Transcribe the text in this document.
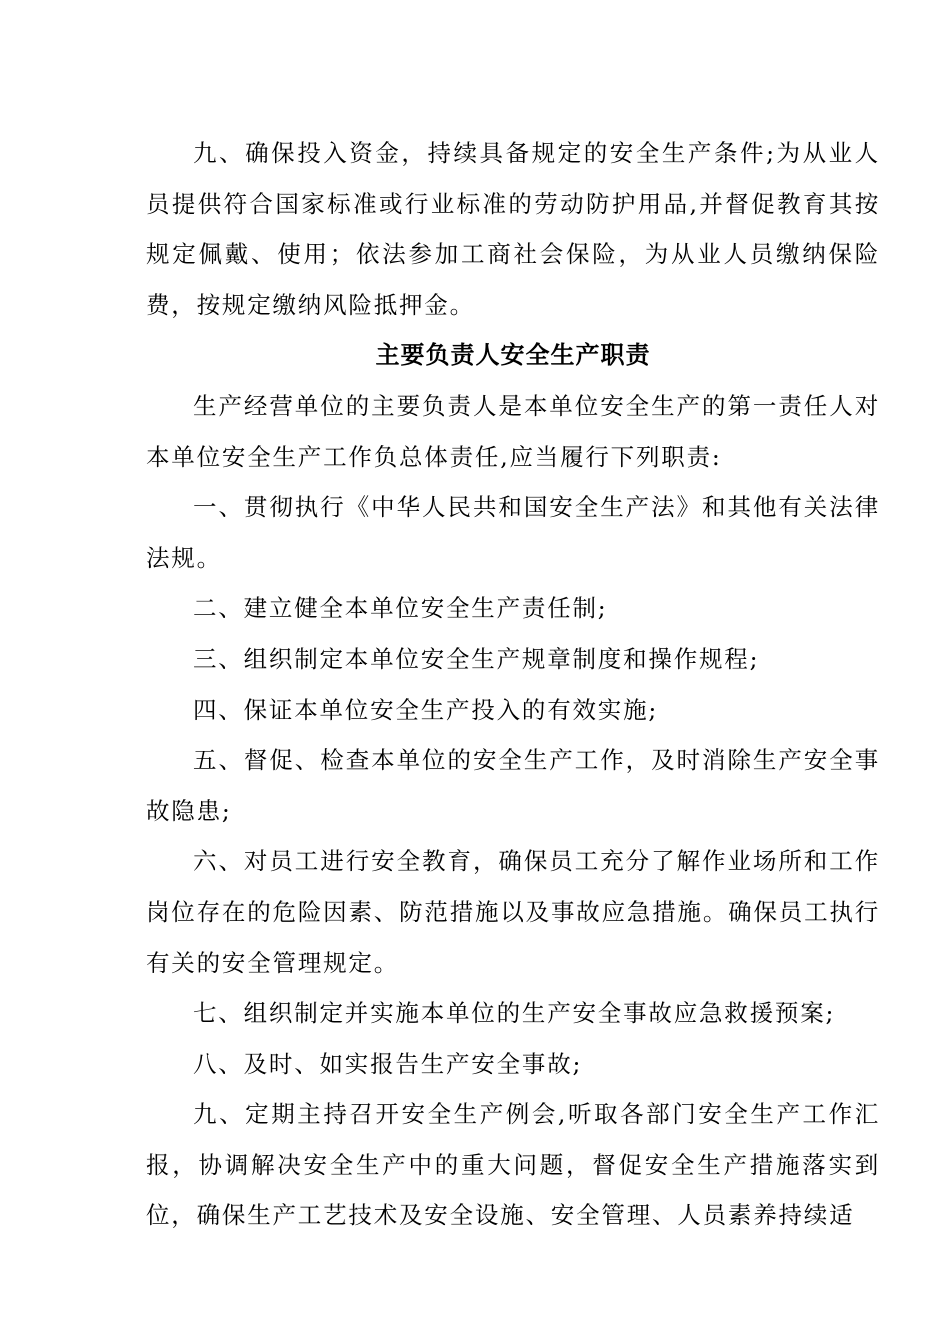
九、确保投入资金，持续具备规定的安全生产条件;为从业人员提供符合国家标准或行业标准的劳动防护用品,并督促教育其按规定佩戴、使用；依法参加工商社会保险，为从业人员缴纳保险费，按规定缴纳风险抵押金。

主要负责人安全生产职责

生产经营单位的主要负责人是本单位安全生产的第一责任人对本单位安全生产工作负总体责任,应当履行下列职责:

一、贯彻执行《中华人民共和国安全生产法》和其他有关法律法规。

二、建立健全本单位安全生产责任制;

三、组织制定本单位安全生产规章制度和操作规程;

四、保证本单位安全生产投入的有效实施;

五、督促、检查本单位的安全生产工作，及时消除生产安全事故隐患;

六、对员工进行安全教育，确保员工充分了解作业场所和工作岗位存在的危险因素、防范措施以及事故应急措施。确保员工执行有关的安全管理规定。

七、组织制定并实施本单位的生产安全事故应急救援预案;

八、及时、如实报告生产安全事故;

九、定期主持召开安全生产例会,听取各部门安全生产工作汇报，协调解决安全生产中的重大问题，督促安全生产措施落实到位，确保生产工艺技术及安全设施、安全管理、人员素养持续适
